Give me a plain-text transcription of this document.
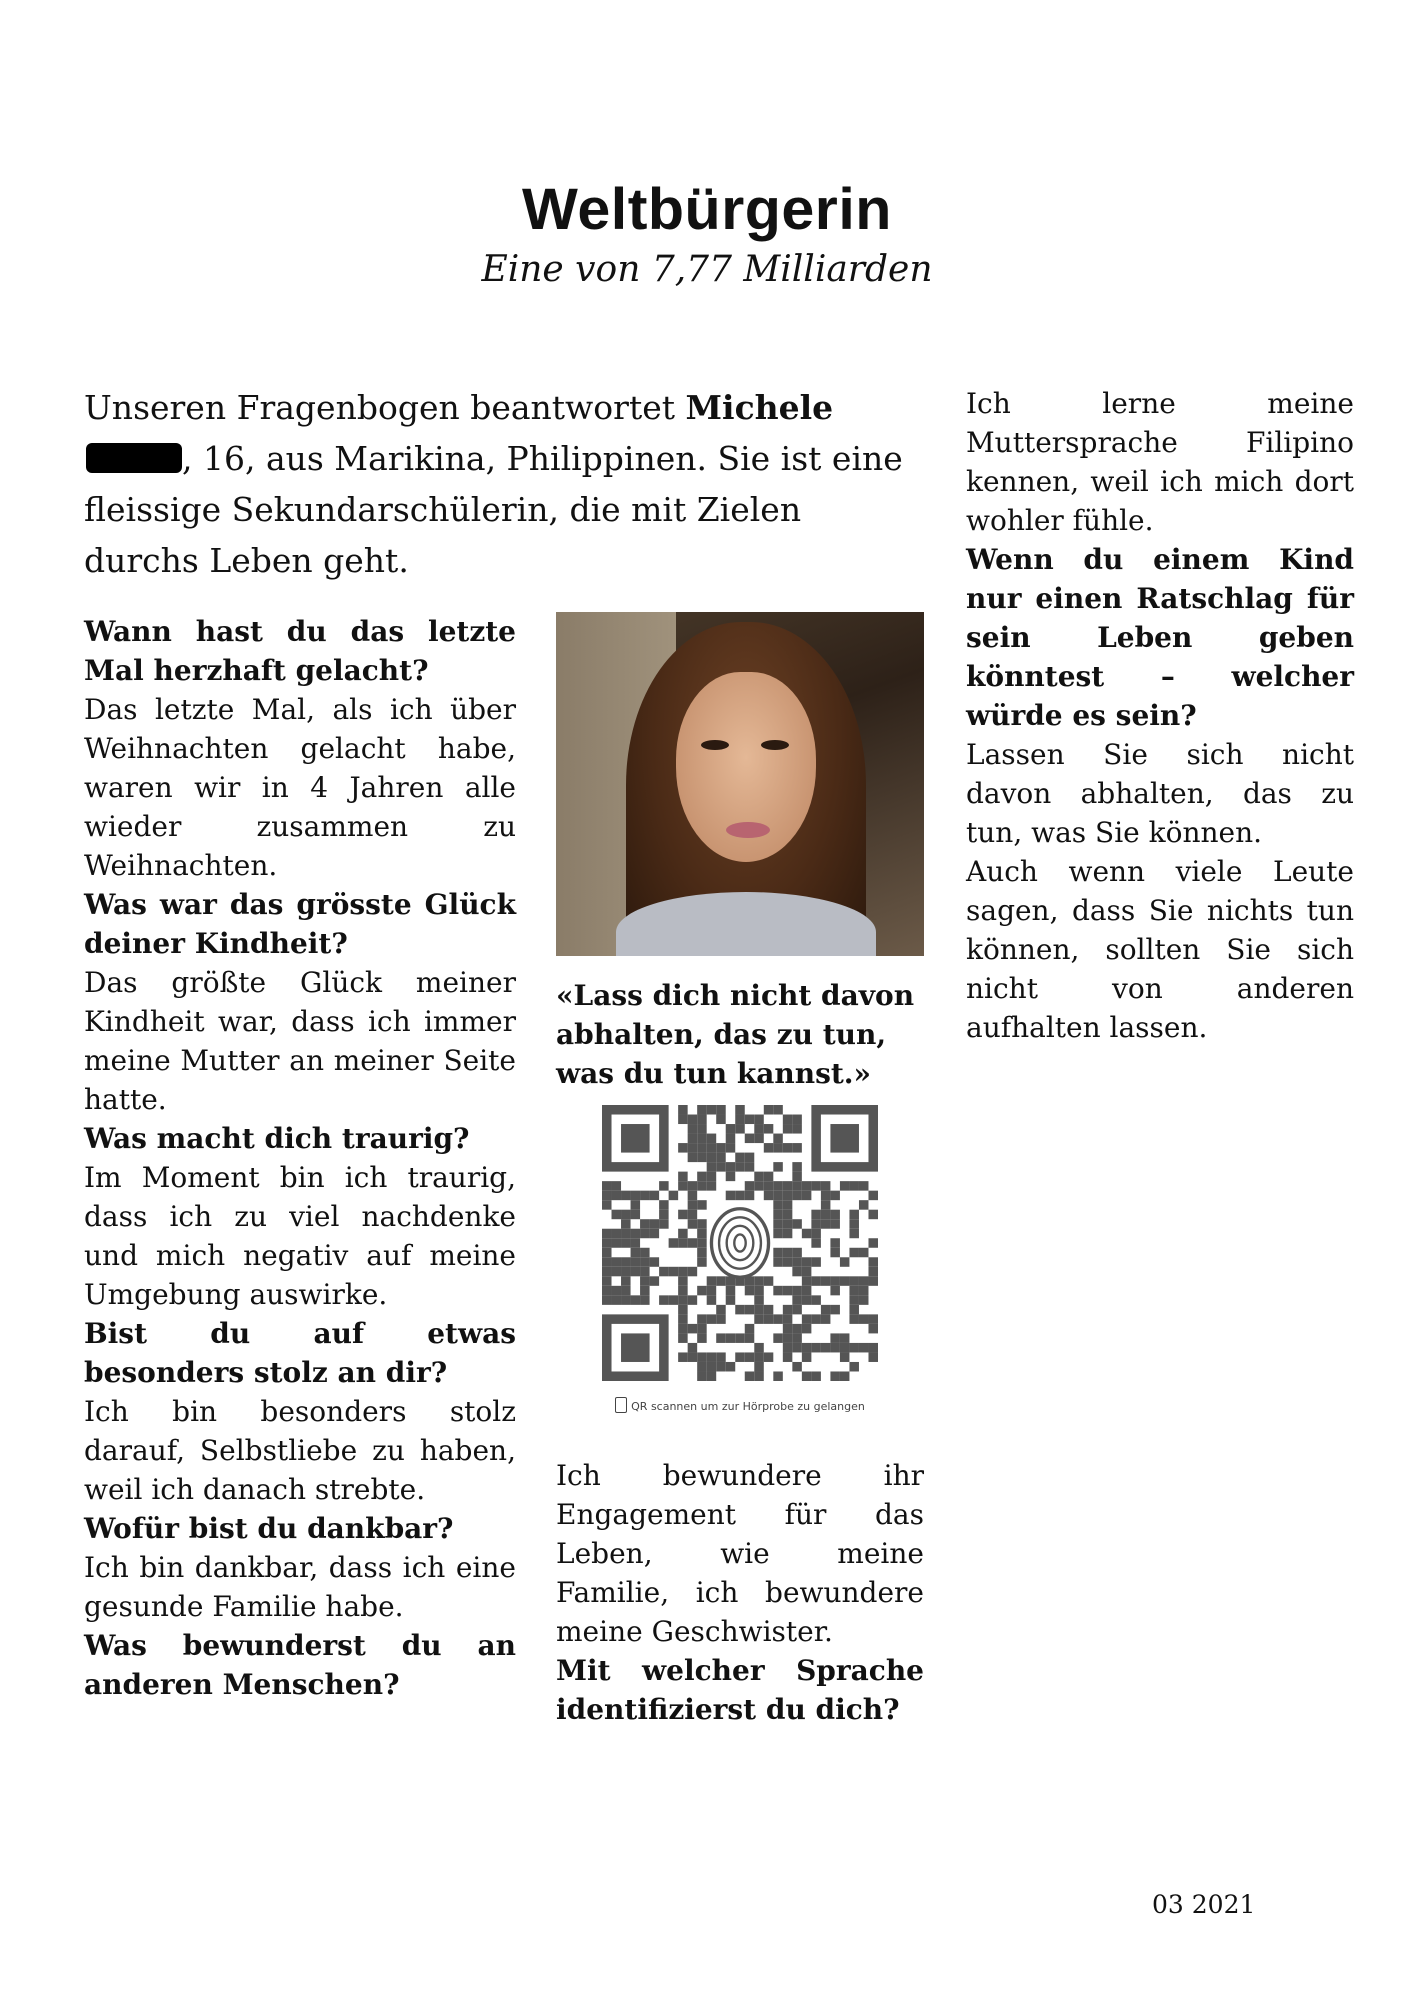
Weltbürgerin
Eine von 7,77 Milliarden
Unseren Fragenbogen beantwortet Michele, 16, aus Marikina, Philippinen. Sie ist eine fleissige Sekundarschülerin, die mit Zielen durchs Leben geht.

Wann hast du das letzte Mal herzhaft gelacht?

Das letzte Mal, als ich über Weihnachten gelacht habe, waren wir in 4 Jahren alle wieder zusammen zu Weihnachten.

Was war das grösste Glück deiner Kindheit?

Das größte Glück meiner Kindheit war, dass ich immer meine Mutter an meiner Seite hatte.

Was macht dich traurig?

Im Moment bin ich traurig, dass ich zu viel nachdenke und mich negativ auf meine Umgebung auswirke.

Bist du auf etwas besonders stolz an dir?

Ich bin besonders stolz darauf, Selbstliebe zu haben, weil ich danach strebte.

Wofür bist du dankbar?

Ich bin dankbar, dass ich eine gesunde Familie habe.

Was bewunderst du an anderen Menschen?

«Lass dich nicht davon abhalten, das zu tun, was du tun kannst.»

QR scannen um zur Hörprobe zu gelangen

Ich bewundere ihr Engagement für das Leben, wie meine Familie, ich bewundere meine Geschwister.

Mit welcher Sprache identifizierst du dich?

Ich lerne meine Muttersprache Filipino kennen, weil ich mich dort wohler fühle.

Wenn du einem Kind nur einen Ratschlag für sein Leben geben könntest – welcher würde es sein?

Lassen Sie sich nicht davon abhalten, das zu tun, was Sie können.

Auch wenn viele Leute sagen, dass Sie nichts tun können, sollten Sie sich nicht von anderen aufhalten lassen.

03 2021
